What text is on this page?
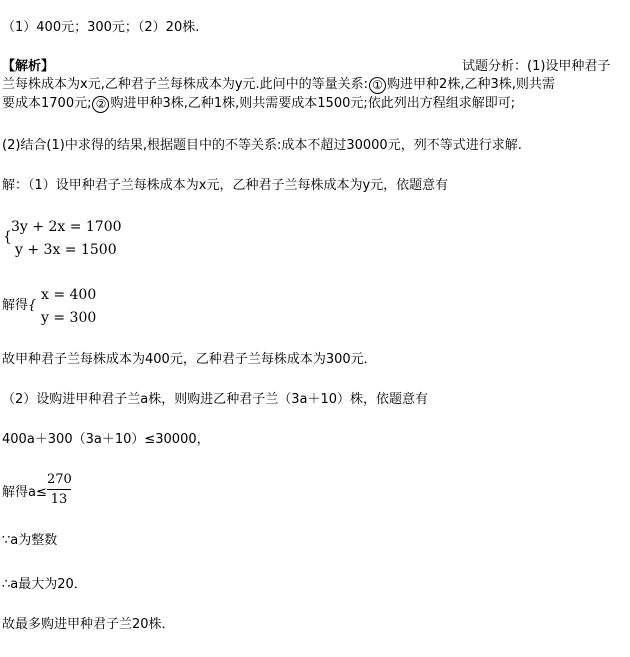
（1）400元；300元；（2）20株.
【解析】	试题分析：(1)设甲种君子
兰每株成本为x元,乙种君子兰每株成本为y元.此问中的等量关系: ① 购进甲种2株,乙种3株,则共需
要成本1700元; ② 购进甲种3株,乙种1株,则共需要成本1500元;依此列出方程组求解即可;
(2)结合(1)中求得的结果,根据题目中的不等关系:成本不超过30000元，列不等式进行求解.
解：（1）设甲种君子兰每株成本为x元，乙种君子兰每株成本为y元，依题意有
{
3y + 2x = 1700
y + 3x = 1500
解得{
x = 400
y = 300
故甲种君子兰每株成本为400元，乙种君子兰每株成本为300元．
（2）设购进甲种君子兰a株，则购进乙种君子兰（3a＋10）株，依题意有
400a＋300（3a＋10）≤30000，
解得a≤
270
13
∵a为整数
∴a最大为20．
故最多购进甲种君子兰20株．
